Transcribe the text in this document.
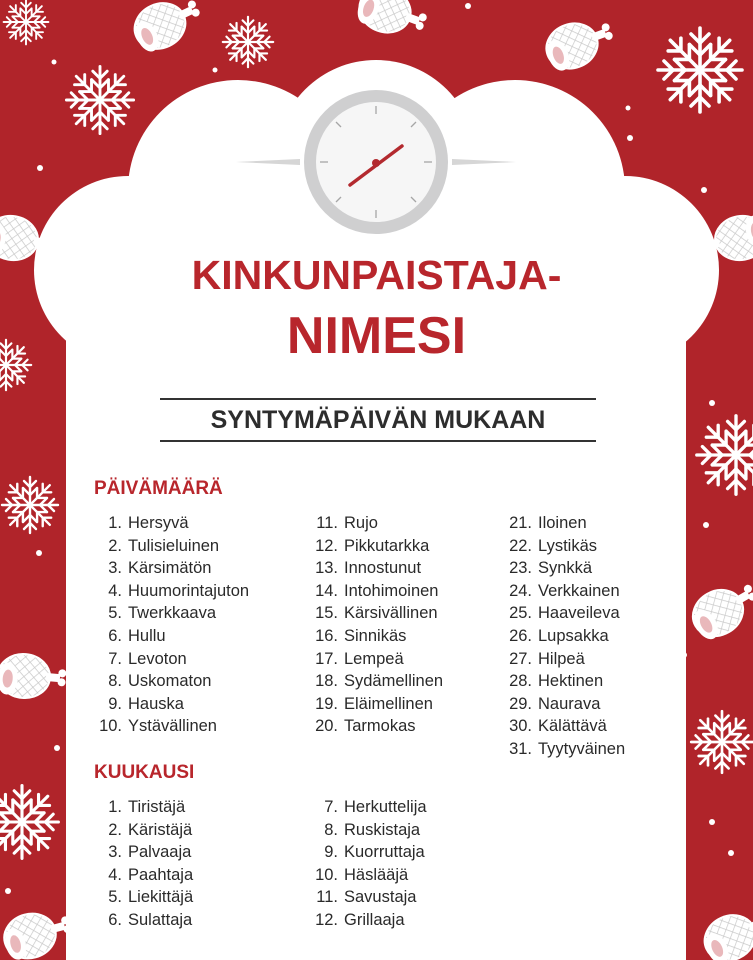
KINKUNPAISTAJA-
NIMESI
SYNTYMÄPÄIVÄN MUKAAN
PÄIVÄMÄÄRÄ
1. Hersyvä
2. Tulisieluinen
3. Kärsimätön
4. Huumorintajuton
5. Twerkkaava
6. Hullu
7. Levoton
8. Uskomaton
9. Hauska
10. Ystävällinen
11. Rujo
12. Pikkutarkka
13. Innostunut
14. Intohimoinen
15. Kärsivällinen
16. Sinnikäs
17. Lempeä
18. Sydämellinen
19. Eläimellinen
20. Tarmokas
21. Iloinen
22. Lystikäs
23. Synkkä
24. Verkkainen
25. Haaveileva
26. Lupsakka
27. Hilpeä
28. Hektinen
29. Naurava
30. Kälättävä
31. Tyytyväinen
KUUKAUSI
1. Tiristäjä
2. Käristäjä
3. Palvaaja
4. Paahtaja
5. Liekittäjä
6. Sulattaja
7. Herkuttelija
8. Ruskistaja
9. Kuorruttaja
10. Häslääjä
11. Savustaja
12. Grillaaja
